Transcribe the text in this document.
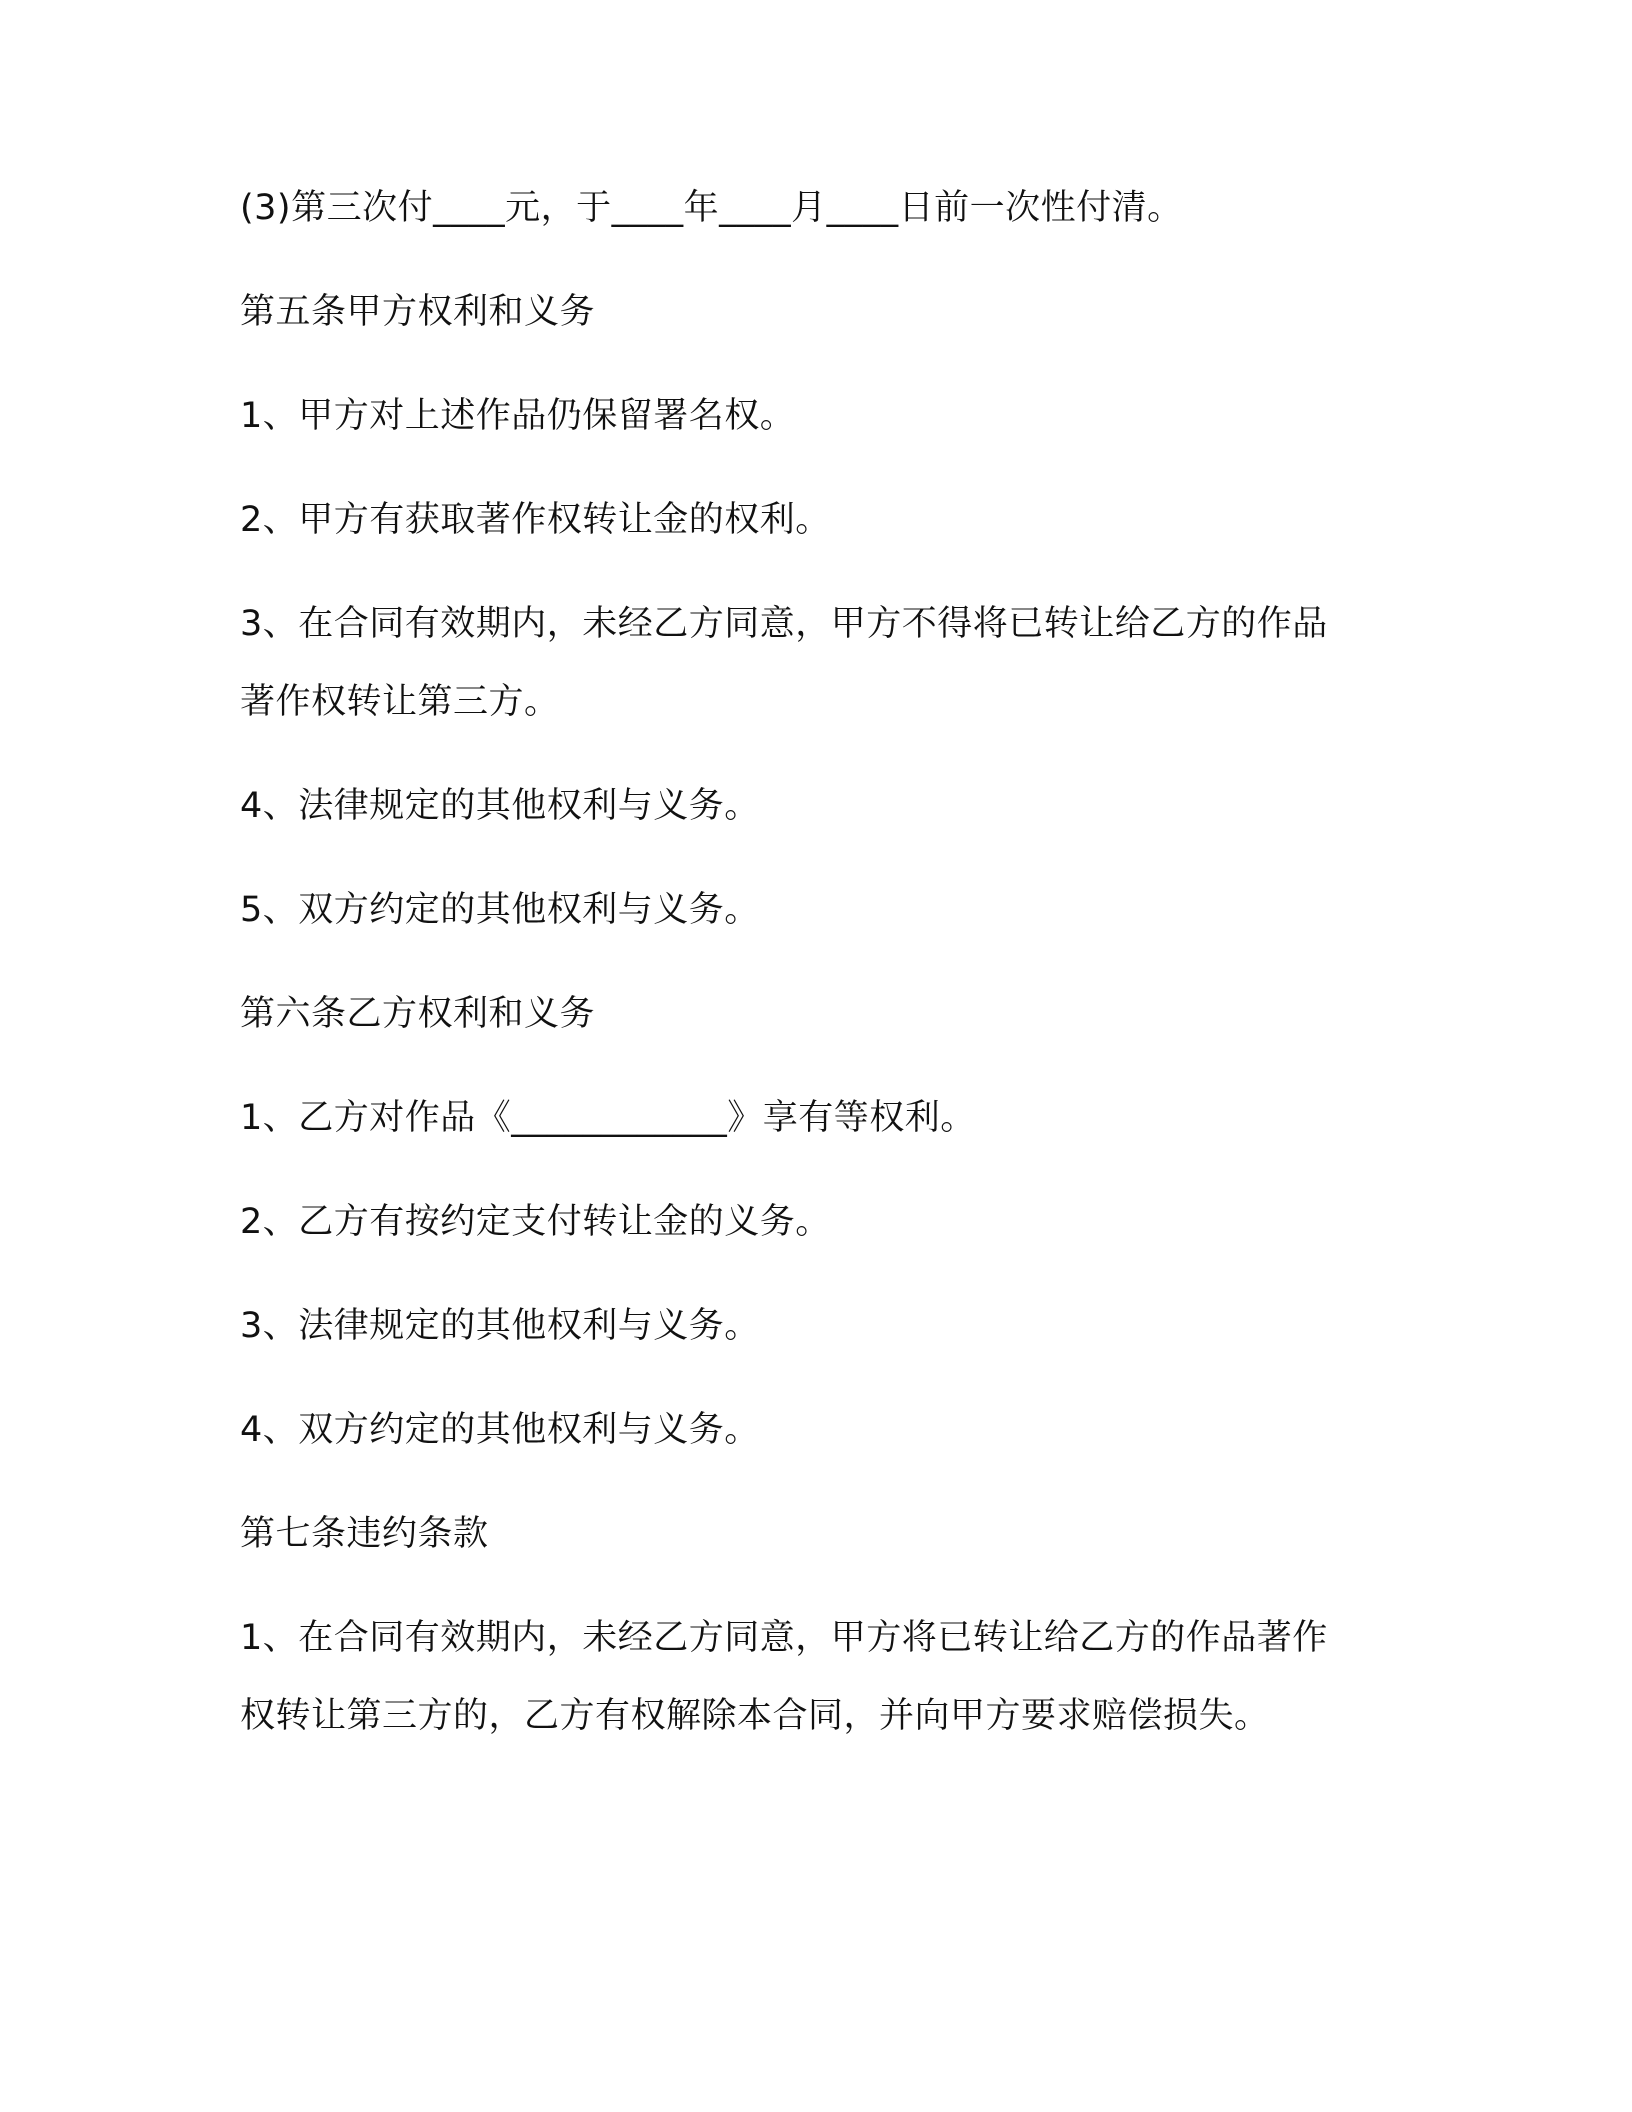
(3)第三次付____元，于____年____月____日前一次性付清。

第五条甲方权利和义务

1、甲方对上述作品仍保留署名权。

2、甲方有获取著作权转让金的权利。

3、在合同有效期内，未经乙方同意，甲方不得将已转让给乙方的作品

著作权转让第三方。

4、法律规定的其他权利与义务。

5、双方约定的其他权利与义务。

第六条乙方权利和义务

1、乙方对作品《____________》享有等权利。

2、乙方有按约定支付转让金的义务。

3、法律规定的其他权利与义务。

4、双方约定的其他权利与义务。

第七条违约条款

1、在合同有效期内，未经乙方同意，甲方将已转让给乙方的作品著作

权转让第三方的，乙方有权解除本合同，并向甲方要求赔偿损失。
